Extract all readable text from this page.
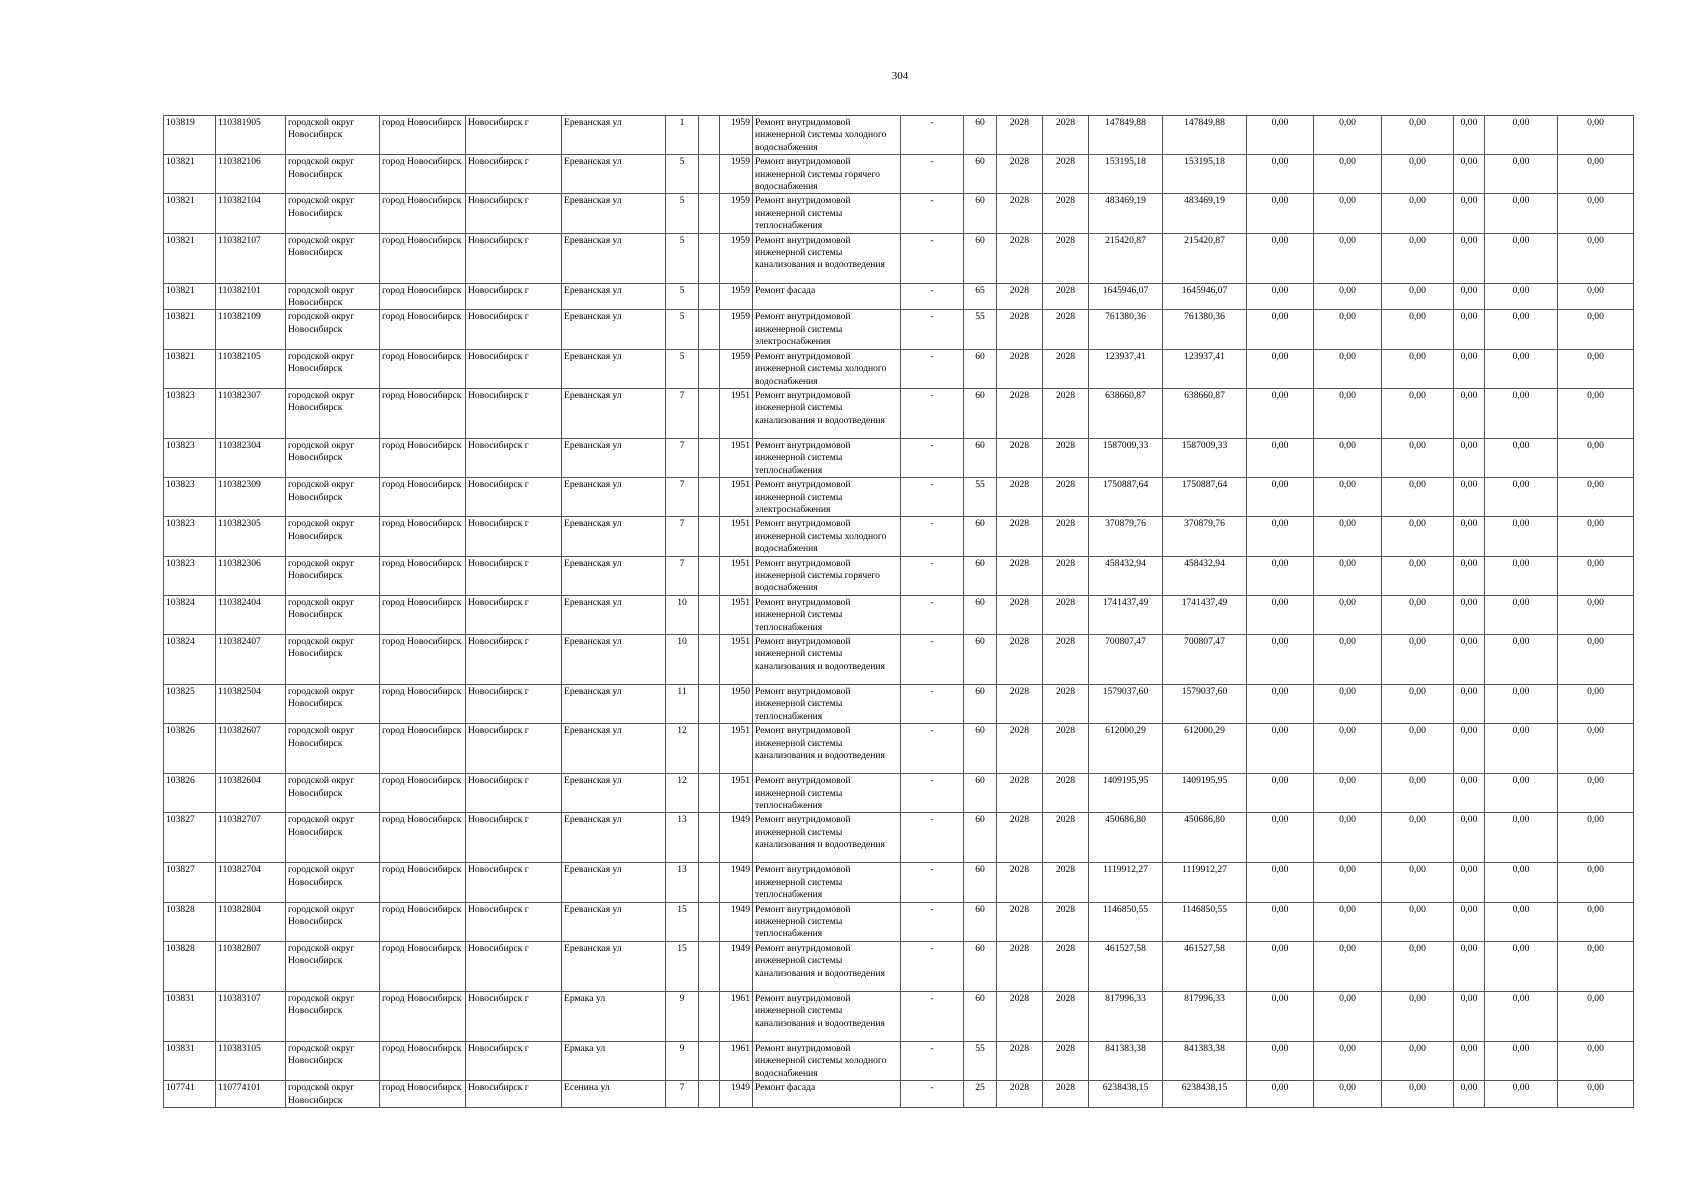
304
103819	110381905	городской округ Новосибирск	город Новосибирск	Новосибирск г	Ереванская ул	1		1959	Ремонт внутридомовой инженерной системы холодного водоснабжения	-	60	2028	2028	147849,88	147849,88	0,00	0,00	0,00	0,00	0,00	0,00
103821	110382106	городской округ Новосибирск	город Новосибирск	Новосибирск г	Ереванская ул	5		1959	Ремонт внутридомовой инженерной системы горячего водоснабжения	-	60	2028	2028	153195,18	153195,18	0,00	0,00	0,00	0,00	0,00	0,00
103821	110382104	городской округ Новосибирск	город Новосибирск	Новосибирск г	Ереванская ул	5		1959	Ремонт внутридомовой инженерной системы теплоснабжения	-	60	2028	2028	483469,19	483469,19	0,00	0,00	0,00	0,00	0,00	0,00
103821	110382107	городской округ Новосибирск	город Новосибирск	Новосибирск г	Ереванская ул	5		1959	Ремонт внутридомовой инженерной системы канализования и водоотведения	-	60	2028	2028	215420,87	215420,87	0,00	0,00	0,00	0,00	0,00	0,00
103821	110382101	городской округ Новосибирск	город Новосибирск	Новосибирск г	Ереванская ул	5		1959	Ремонт фасада	-	65	2028	2028	1645946,07	1645946,07	0,00	0,00	0,00	0,00	0,00	0,00
103821	110382109	городской округ Новосибирск	город Новосибирск	Новосибирск г	Ереванская ул	5		1959	Ремонт внутридомовой инженерной системы электроснабжения	-	55	2028	2028	761380,36	761380,36	0,00	0,00	0,00	0,00	0,00	0,00
103821	110382105	городской округ Новосибирск	город Новосибирск	Новосибирск г	Ереванская ул	5		1959	Ремонт внутридомовой инженерной системы холодного водоснабжения	-	60	2028	2028	123937,41	123937,41	0,00	0,00	0,00	0,00	0,00	0,00
103823	110382307	городской округ Новосибирск	город Новосибирск	Новосибирск г	Ереванская ул	7		1951	Ремонт внутридомовой инженерной системы канализования и водоотведения	-	60	2028	2028	638660,87	638660,87	0,00	0,00	0,00	0,00	0,00	0,00
103823	110382304	городской округ Новосибирск	город Новосибирск	Новосибирск г	Ереванская ул	7		1951	Ремонт внутридомовой инженерной системы теплоснабжения	-	60	2028	2028	1587009,33	1587009,33	0,00	0,00	0,00	0,00	0,00	0,00
103823	110382309	городской округ Новосибирск	город Новосибирск	Новосибирск г	Ереванская ул	7		1951	Ремонт внутридомовой инженерной системы электроснабжения	-	55	2028	2028	1750887,64	1750887,64	0,00	0,00	0,00	0,00	0,00	0,00
103823	110382305	городской округ Новосибирск	город Новосибирск	Новосибирск г	Ереванская ул	7		1951	Ремонт внутридомовой инженерной системы холодного водоснабжения	-	60	2028	2028	370879,76	370879,76	0,00	0,00	0,00	0,00	0,00	0,00
103823	110382306	городской округ Новосибирск	город Новосибирск	Новосибирск г	Ереванская ул	7		1951	Ремонт внутридомовой инженерной системы горячего водоснабжения	-	60	2028	2028	458432,94	458432,94	0,00	0,00	0,00	0,00	0,00	0,00
103824	110382404	городской округ Новосибирск	город Новосибирск	Новосибирск г	Ереванская ул	10		1951	Ремонт внутридомовой инженерной системы теплоснабжения	-	60	2028	2028	1741437,49	1741437,49	0,00	0,00	0,00	0,00	0,00	0,00
103824	110382407	городской округ Новосибирск	город Новосибирск	Новосибирск г	Ереванская ул	10		1951	Ремонт внутридомовой инженерной системы канализования и водоотведения	-	60	2028	2028	700807,47	700807,47	0,00	0,00	0,00	0,00	0,00	0,00
103825	110382504	городской округ Новосибирск	город Новосибирск	Новосибирск г	Ереванская ул	11		1950	Ремонт внутридомовой инженерной системы теплоснабжения	-	60	2028	2028	1579037,60	1579037,60	0,00	0,00	0,00	0,00	0,00	0,00
103826	110382607	городской округ Новосибирск	город Новосибирск	Новосибирск г	Ереванская ул	12		1951	Ремонт внутридомовой инженерной системы канализования и водоотведения	-	60	2028	2028	612000,29	612000,29	0,00	0,00	0,00	0,00	0,00	0,00
103826	110382604	городской округ Новосибирск	город Новосибирск	Новосибирск г	Ереванская ул	12		1951	Ремонт внутридомовой инженерной системы теплоснабжения	-	60	2028	2028	1409195,95	1409195,95	0,00	0,00	0,00	0,00	0,00	0,00
103827	110382707	городской округ Новосибирск	город Новосибирск	Новосибирск г	Ереванская ул	13		1949	Ремонт внутридомовой инженерной системы канализования и водоотведения	-	60	2028	2028	450686,80	450686,80	0,00	0,00	0,00	0,00	0,00	0,00
103827	110382704	городской округ Новосибирск	город Новосибирск	Новосибирск г	Ереванская ул	13		1949	Ремонт внутридомовой инженерной системы теплоснабжения	-	60	2028	2028	1119912,27	1119912,27	0,00	0,00	0,00	0,00	0,00	0,00
103828	110382804	городской округ Новосибирск	город Новосибирск	Новосибирск г	Ереванская ул	15		1949	Ремонт внутридомовой инженерной системы теплоснабжения	-	60	2028	2028	1146850,55	1146850,55	0,00	0,00	0,00	0,00	0,00	0,00
103828	110382807	городской округ Новосибирск	город Новосибирск	Новосибирск г	Ереванская ул	15		1949	Ремонт внутридомовой инженерной системы канализования и водоотведения	-	60	2028	2028	461527,58	461527,58	0,00	0,00	0,00	0,00	0,00	0,00
103831	110383107	городской округ Новосибирск	город Новосибирск	Новосибирск г	Ермака ул	9		1961	Ремонт внутридомовой инженерной системы канализования и водоотведения	-	60	2028	2028	817996,33	817996,33	0,00	0,00	0,00	0,00	0,00	0,00
103831	110383105	городской округ Новосибирск	город Новосибирск	Новосибирск г	Ермака ул	9		1961	Ремонт внутридомовой инженерной системы холодного водоснабжения	-	55	2028	2028	841383,38	841383,38	0,00	0,00	0,00	0,00	0,00	0,00
107741	110774101	городской округ Новосибирск	город Новосибирск	Новосибирск г	Есенина ул	7		1949	Ремонт фасада	-	25	2028	2028	6238438,15	6238438,15	0,00	0,00	0,00	0,00	0,00	0,00
